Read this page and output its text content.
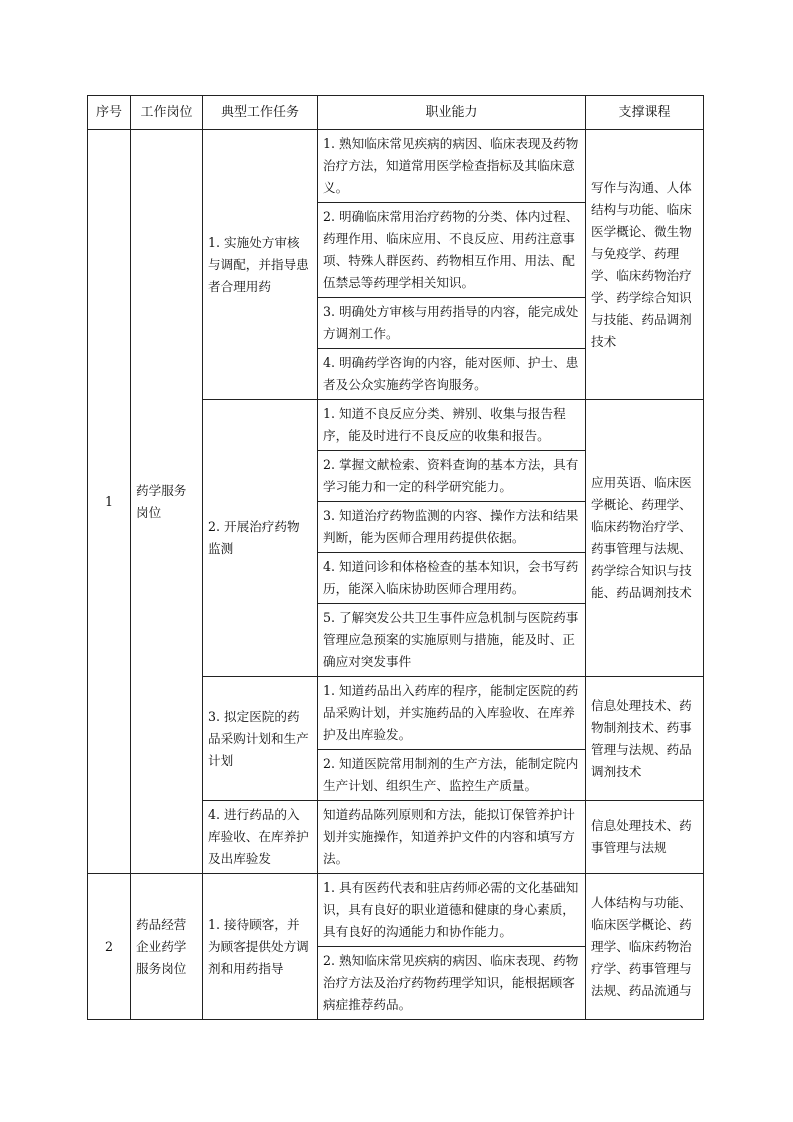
序号	工作岗位	典型工作任务	职业能力	支撑课程
1	药学服务岗位	1. 实施处方审核与调配，并指导患者合理用药	1. 熟知临床常见疾病的病因、临床表现及药物治疗方法，知道常用医学检查指标及其临床意义。	写作与沟通、人体结构与功能、临床医学概论、微生物与免疫学、药理学、临床药物治疗学、药学综合知识与技能、药品调剂技术
			2. 明确临床常用治疗药物的分类、体内过程、药理作用、临床应用、不良反应、用药注意事项、特殊人群医药、药物相互作用、用法、配伍禁忌等药理学相关知识。	
			3. 明确处方审核与用药指导的内容，能完成处方调剂工作。	
			4. 明确药学咨询的内容，能对医师、护士、患者及公众实施药学咨询服务。	
		2. 开展治疗药物监测	1. 知道不良反应分类、辨别、收集与报告程序，能及时进行不良反应的收集和报告。	应用英语、临床医学概论、药理学、临床药物治疗学、药事管理与法规、药学综合知识与技能、药品调剂技术
			2. 掌握文献检索、资料查询的基本方法，具有学习能力和一定的科学研究能力。	
			3. 知道治疗药物监测的内容、操作方法和结果判断，能为医师合理用药提供依据。	
			4. 知道问诊和体格检查的基本知识，会书写药历，能深入临床协助医师合理用药。	
			5. 了解突发公共卫生事件应急机制与医院药事管理应急预案的实施原则与措施，能及时、正确应对突发事件	
		3. 拟定医院的药品采购计划和生产计划	1. 知道药品出入药库的程序，能制定医院的药品采购计划，并实施药品的入库验收、在库养护及出库验发。	信息处理技术、药物制剂技术、药事管理与法规、药品调剂技术
			2. 知道医院常用制剂的生产方法，能制定院内生产计划、组织生产、监控生产质量。	
		4. 进行药品的入库验收、在库养护及出库验发	知道药品陈列原则和方法，能拟订保管养护计划并实施操作，知道养护文件的内容和填写方法。	信息处理技术、药事管理与法规
2	药品经营企业药学服务岗位	1. 接待顾客，并为顾客提供处方调剂和用药指导	1. 具有医药代表和驻店药师必需的文化基础知识，具有良好的职业道德和健康的身心素质，具有良好的沟通能力和协作能力。	人体结构与功能、临床医学概论、药理学、临床药物治疗学、药事管理与法规、药品流通与
			2. 熟知临床常见疾病的病因、临床表现、药物治疗方法及治疗药物药理学知识，能根据顾客病症推荐药品。	
